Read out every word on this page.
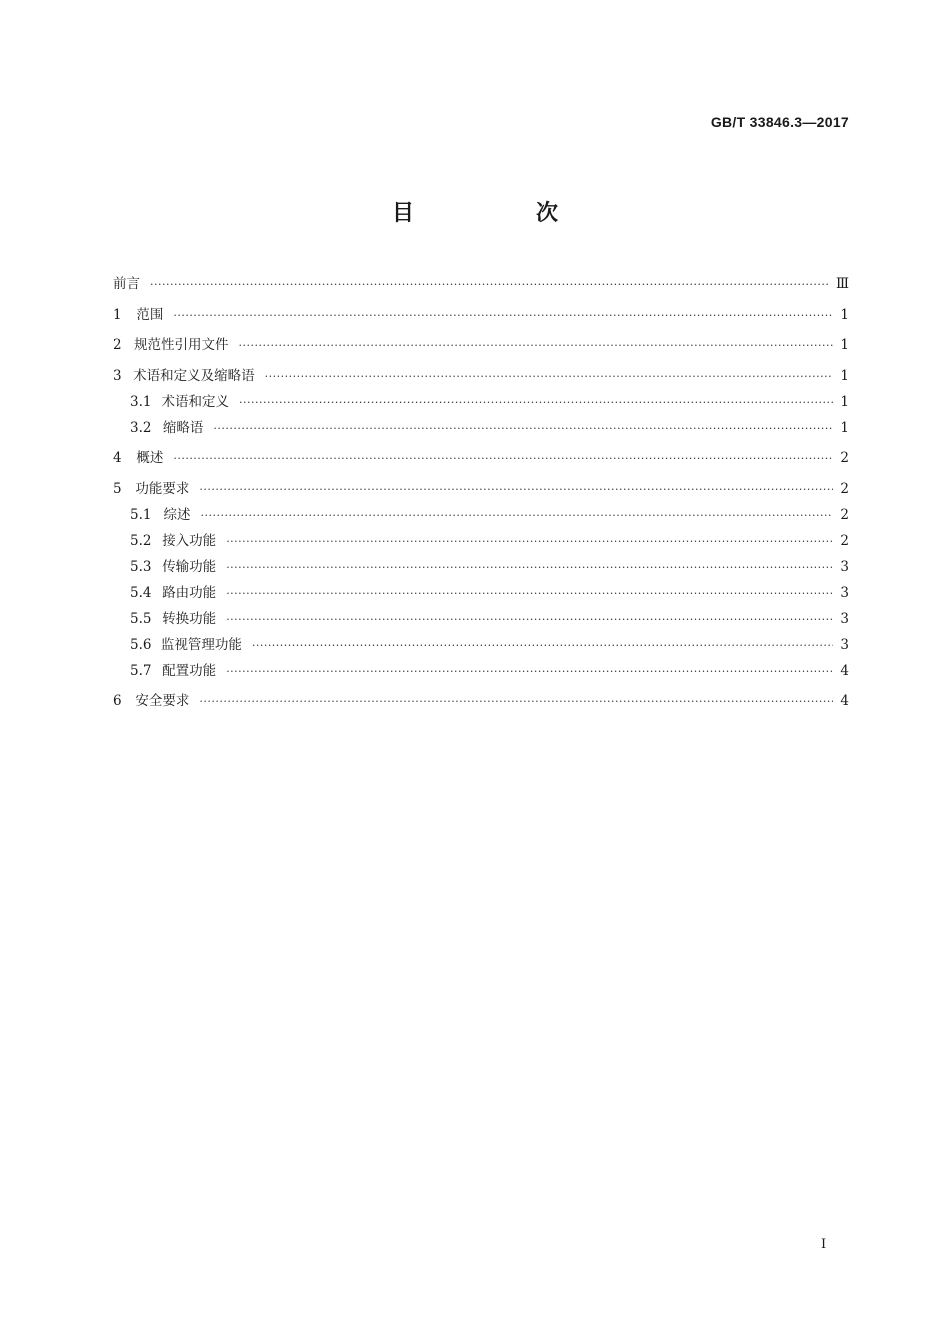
GB/T 33846.3—2017
目　次
前言 ·····	Ⅲ
1	范围 ·····	1
2 规范性引用文件 ·····	1
3 术语和定义及缩略语 ·····	1
3.1 术语和定义 ·····	1
3.2 缩略语 ·····	1
4	概述 ·····	2
5	功能要求 ·····	2
5.1 综述 ·····	2
5.2 接入功能 ·····	2
5.3 传输功能 ·····	3
5.4 路由功能 ·····	3
5.5 转换功能 ·····	3
5.6 监视管理功能 ·····	3
5.7 配置功能 ·····	4
6	安全要求 ·····	4
I
